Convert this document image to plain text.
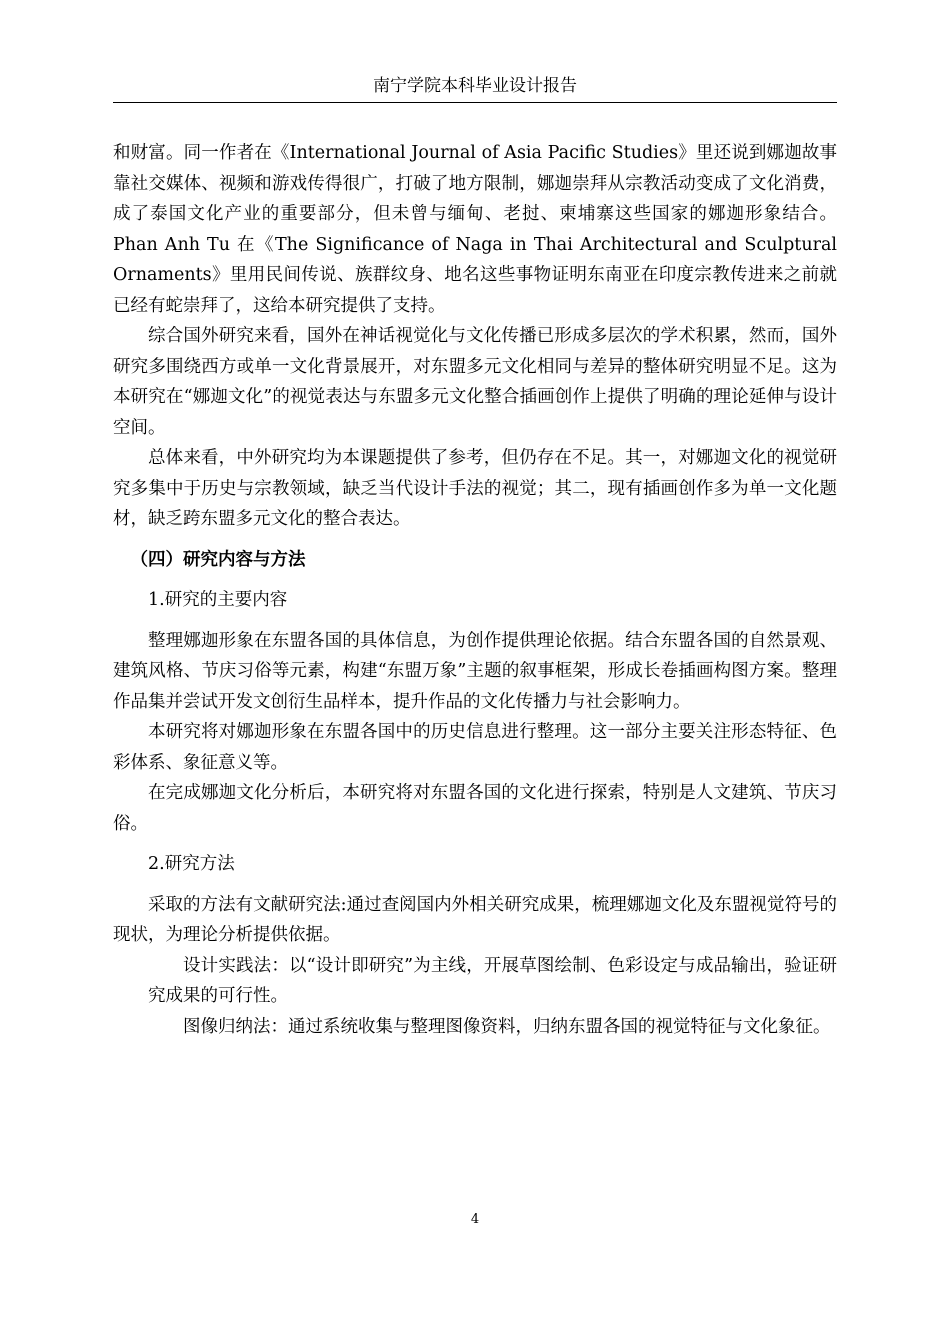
南宁学院本科毕业设计报告

和财富。同一作者在《International Journal of Asia Pacific Studies》里还说到娜迦故事靠社交媒体、视频和游戏传得很广，打破了地方限制，娜迦崇拜从宗教活动变成了文化消费，成了泰国文化产业的重要部分，但未曾与缅甸、老挝、柬埔寨这些国家的娜迦形象结合。Phan Anh Tu 在《The Significance of Naga in Thai Architectural and Sculptural Ornaments》里用民间传说、族群纹身、地名这些事物证明东南亚在印度宗教传进来之前就已经有蛇崇拜了，这给本研究提供了支持。

综合国外研究来看，国外在神话视觉化与文化传播已形成多层次的学术积累，然而，国外研究多围绕西方或单一文化背景展开，对东盟多元文化相同与差异的整体研究明显不足。这为本研究在“娜迦文化”的视觉表达与东盟多元文化整合插画创作上提供了明确的理论延伸与设计空间。

总体来看，中外研究均为本课题提供了参考，但仍存在不足。其一，对娜迦文化的视觉研究多集中于历史与宗教领域，缺乏当代设计手法的视觉；其二，现有插画创作多为单一文化题材，缺乏跨东盟多元文化的整合表达。

（四）研究内容与方法

1.研究的主要内容

整理娜迦形象在东盟各国的具体信息，为创作提供理论依据。结合东盟各国的自然景观、建筑风格、节庆习俗等元素，构建“东盟万象”主题的叙事框架，形成长卷插画构图方案。整理作品集并尝试开发文创衍生品样本，提升作品的文化传播力与社会影响力。

本研究将对娜迦形象在东盟各国中的历史信息进行整理。这一部分主要关注形态特征、色彩体系、象征意义等。

在完成娜迦文化分析后，本研究将对东盟各国的文化进行探索，特别是人文建筑、节庆习俗。

2.研究方法

采取的方法有文献研究法:通过查阅国内外相关研究成果，梳理娜迦文化及东盟视觉符号的现状，为理论分析提供依据。

设计实践法：以“设计即研究”为主线，开展草图绘制、色彩设定与成品输出，验证研究成果的可行性。

图像归纳法：通过系统收集与整理图像资料，归纳东盟各国的视觉特征与文化象征。

4
